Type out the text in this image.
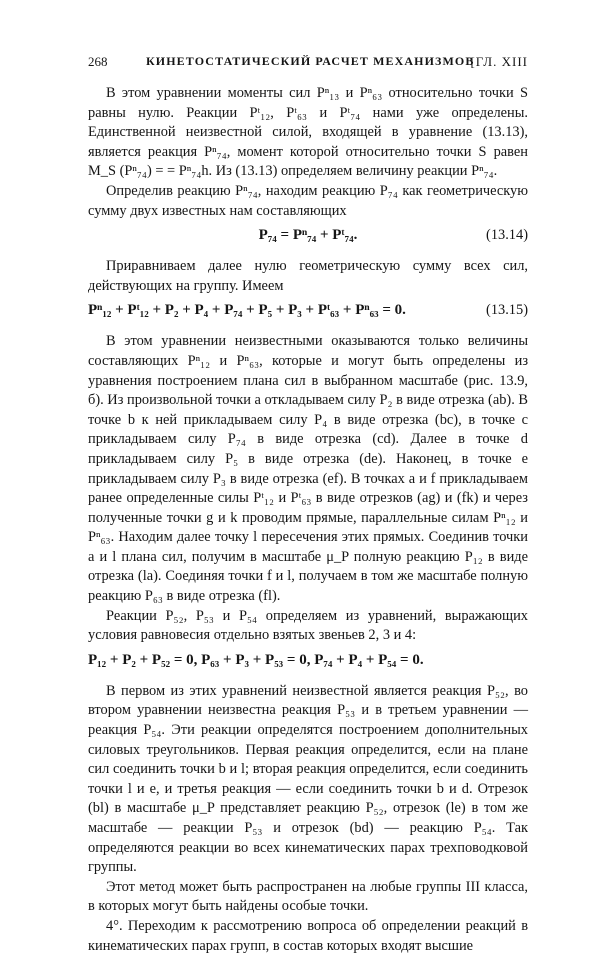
268	КИНЕТОСТАТИЧЕСКИЙ РАСЧЕТ МЕХАНИЗМОВ
[ГЛ. XIII

В этом уравнении моменты сил Pⁿ₁₃ и Pⁿ₆₃ относительно точки S равны нулю. Реакции Pᵗ₁₂, Pᵗ₆₃ и Pᵗ₇₄ нами уже определены. Единственной неизвестной силой, входящей в уравнение (13.13), является реакция Pⁿ₇₄, момент которой относительно точки S равен M_S (Pⁿ₇₄) = = Pⁿ₇₄h. Из (13.13) определяем величину реакции Pⁿ₇₄.

Определив реакцию Pⁿ₇₄, находим реакцию P₇₄ как геометрическую сумму двух известных нам составляющих

P₇₄ = Pⁿ₇₄ + Pᵗ₇₄.	(13.14)

Приравниваем далее нулю геометрическую сумму всех сил, действующих на группу. Имеем

Pⁿ₁₂ + Pᵗ₁₂ + P₂ + P₄ + P₇₄ + P₅ + P₃ + Pᵗ₆₃ + Pⁿ₆₃ = 0.	(13.15)

В этом уравнении неизвестными оказываются только величины составляющих Pⁿ₁₂ и Pⁿ₆₃, которые и могут быть определены из уравнения построением плана сил в выбранном масштабе (рис. 13.9, б). Из произвольной точки a откладываем силу P₂ в виде отрезка (ab). В точке b к ней прикладываем силу P₄ в виде отрезка (bc), в точке c прикладываем силу P₇₄ в виде отрезка (cd). Далее в точке d прикладываем силу P₅ в виде отрезка (de). Наконец, в точке e прикладываем силу P₃ в виде отрезка (ef). В точках a и f прикладываем ранее определенные силы Pᵗ₁₂ и Pᵗ₆₃ в виде отрезков (ag) и (fk) и через полученные точки g и k проводим прямые, параллельные силам Pⁿ₁₂ и Pⁿ₆₃. Находим далее точку l пересечения этих прямых. Соединив точки a и l плана сил, получим в масштабе μ_P полную реакцию P₁₂ в виде отрезка (la). Соединяя точки f и l, получаем в том же масштабе полную реакцию P₆₃ в виде отрезка (fl).

Реакции P₅₂, P₅₃ и P₅₄ определяем из уравнений, выражающих условия равновесия отдельно взятых звеньев 2, 3 и 4:

P₁₂ + P₂ + P₅₂ = 0, P₆₃ + P₃ + P₅₃ = 0, P₇₄ + P₄ + P₅₄ = 0.

В первом из этих уравнений неизвестной является реакция P₅₂, во втором уравнении неизвестна реакция P₅₃ и в третьем уравнении — реакция P₅₄. Эти реакции определятся построением дополнительных силовых треугольников. Первая реакция определится, если на плане сил соединить точки b и l; вторая реакция определится, если соединить точки l и e, и третья реакция — если соединить точки b и d. Отрезок (bl) в масштабе μ_P представляет реакцию P₅₂, отрезок (le) в том же масштабе — реакции P₅₃ и отрезок (bd) — реакцию P₅₄. Так определяются реакции во всех кинематических парах трехповодковой группы.

Этот метод может быть распространен на любые группы III класса, в которых могут быть найдены особые точки.

4°. Переходим к рассмотрению вопроса об определении реакций в кинематических парах групп, в состав которых входят высшие
